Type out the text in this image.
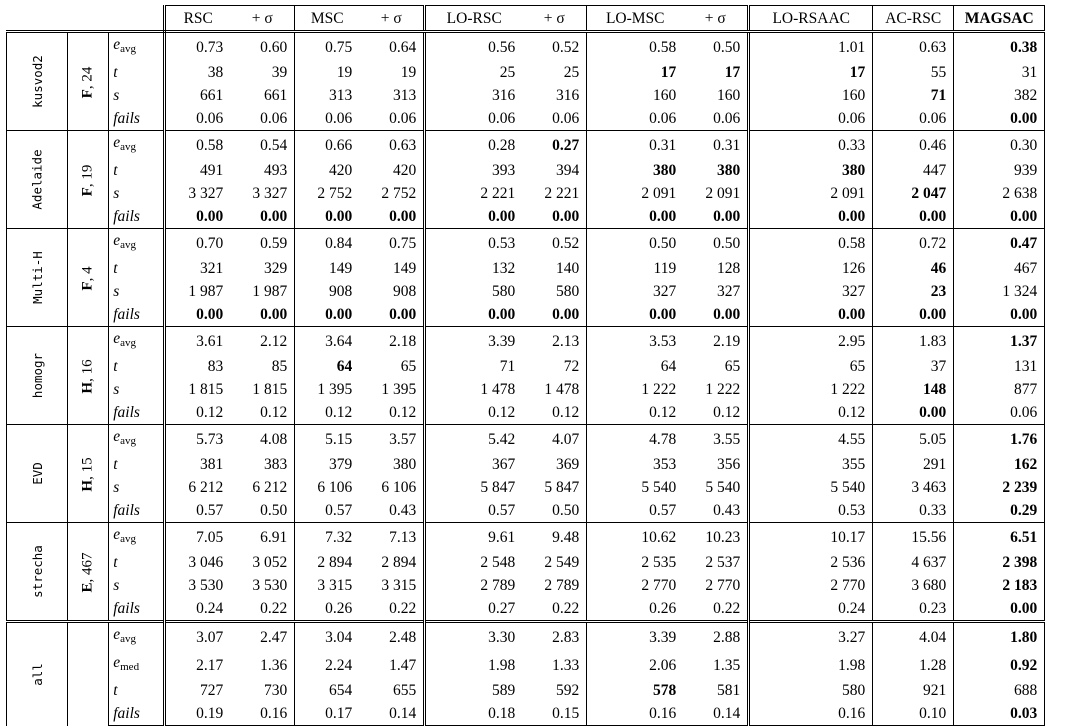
			RSC	+ σ	MSC	+ σ	LO-RSC	+ σ	LO-MSC	+ σ	LO-RSAAC	AC-RSC	MAGSAC
kusvod2	F, 24	$e_{avg}$	0.73	0.60	0.75	0.64	0.56	0.52	0.58	0.50	1.01	0.63	0.38
		t	38	39	19	19	25	25	17	17	17	55	31
		s	661	661	313	313	316	316	160	160	160	71	382
		fails	0.06	0.06	0.06	0.06	0.06	0.06	0.06	0.06	0.06	0.06	0.00
Adelaide	F, 19	$e_{avg}$	0.58	0.54	0.66	0.63	0.28	0.27	0.31	0.31	0.33	0.46	0.30
		t	491	493	420	420	393	394	380	380	380	447	939
		s	3 327	3 327	2 752	2 752	2 221	2 221	2 091	2 091	2 091	2 047	2 638
		fails	0.00	0.00	0.00	0.00	0.00	0.00	0.00	0.00	0.00	0.00	0.00
Multi-H	F, 4	$e_{avg}$	0.70	0.59	0.84	0.75	0.53	0.52	0.50	0.50	0.58	0.72	0.47
		t	321	329	149	149	132	140	119	128	126	46	467
		s	1 987	1 987	908	908	580	580	327	327	327	23	1 324
		fails	0.00	0.00	0.00	0.00	0.00	0.00	0.00	0.00	0.00	0.00	0.00
homogr	H, 16	$e_{avg}$	3.61	2.12	3.64	2.18	3.39	2.13	3.53	2.19	2.95	1.83	1.37
		t	83	85	64	65	71	72	64	65	65	37	131
		s	1 815	1 815	1 395	1 395	1 478	1 478	1 222	1 222	1 222	148	877
		fails	0.12	0.12	0.12	0.12	0.12	0.12	0.12	0.12	0.12	0.00	0.06
EVD	H, 15	$e_{avg}$	5.73	4.08	5.15	3.57	5.42	4.07	4.78	3.55	4.55	5.05	1.76
		t	381	383	379	380	367	369	353	356	355	291	162
		s	6 212	6 212	6 106	6 106	5 847	5 847	5 540	5 540	5 540	3 463	2 239
		fails	0.57	0.50	0.57	0.43	0.57	0.50	0.57	0.43	0.53	0.33	0.29
strecha	E, 467	$e_{avg}$	7.05	6.91	7.32	7.13	9.61	9.48	10.62	10.23	10.17	15.56	6.51
		t	3 046	3 052	2 894	2 894	2 548	2 549	2 535	2 537	2 536	4 637	2 398
		s	3 530	3 530	3 315	3 315	2 789	2 789	2 770	2 770	2 770	3 680	2 183
		fails	0.24	0.22	0.26	0.22	0.27	0.22	0.26	0.22	0.24	0.23	0.00
all		$e_{avg}$	3.07	2.47	3.04	2.48	3.30	2.83	3.39	2.88	3.27	4.04	1.80
		$e_{med}$	2.17	1.36	2.24	1.47	1.98	1.33	2.06	1.35	1.98	1.28	0.92
		t	727	730	654	655	589	592	578	581	580	921	688
		fails	0.19	0.16	0.17	0.14	0.18	0.15	0.16	0.14	0.16	0.10	0.03
